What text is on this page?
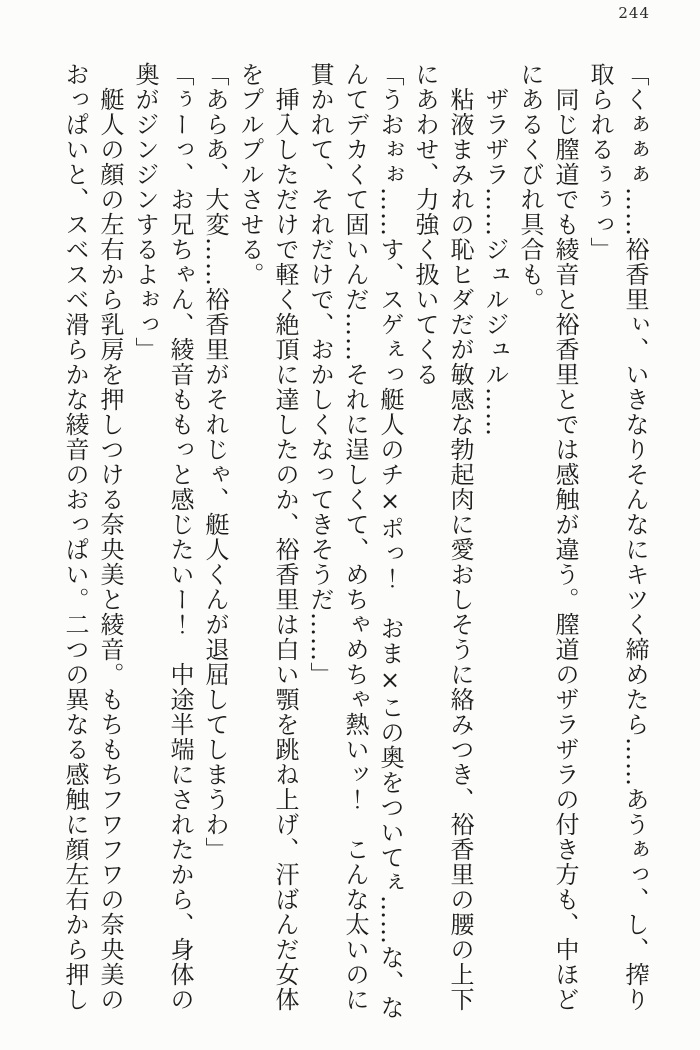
244
「くぁぁぁ……裕香里ぃ、いきなりそんなにキツく締めたら……あうぁっ、し、搾り
取られるぅぅっ」
　同じ膣道でも綾音と裕香里とでは感触が違う。膣道のザラザラの付き方も、中ほど
にあるくびれ具合も。
　ザラザラ……ジュルジュル……
　粘液まみれの恥ヒダだが敏感な勃起肉に愛おしそうに絡みつき、裕香里の腰の上下
にあわせ、力強く扱いてくる
「うおぉぉ……す、スゲぇっ艇人のチ×ポっ！　おま×この奥をついてぇ……な、な
んてデカくて固いんだ……それに逞しくて、めちゃめちゃ熱いッ！　こんな太いのに
貫かれて、それだけで、おかしくなってきそうだ……」
　挿入しただけで軽く絶頂に達したのか、裕香里は白い顎を跳ね上げ、汗ばんだ女体
をプルプルさせる。
「あらあ、大変……裕香里がそれじゃ、艇人くんが退屈してしまうわ」
「ぅーっ、お兄ちゃん、綾音ももっと感じたいー！　中途半端にされたから、身体の
奥がジンジンするよぉっ」
　艇人の顔の左右から乳房を押しつける奈央美と綾音。もちもちフワフワの奈央美の
おっぱいと、スベスベ滑らかな綾音のおっぱい。二つの異なる感触に顔左右から押し
